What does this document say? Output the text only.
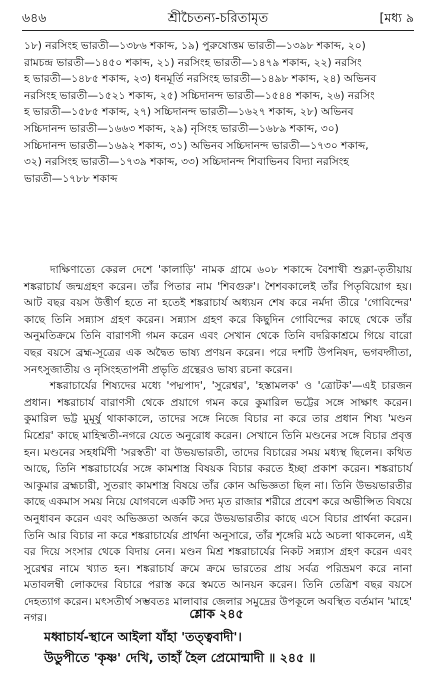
৬৪৬	শ্রীচৈতন্য-চরিতামৃত	[মধ্য ৯
১৮) নরসিংহ ভারতী—১৩৮৬ শকাব্দ, ১৯) পুরুষোত্তম ভারতী—১৩৯৮ শকাব্দ, ২০)
রামচন্দ্র ভারতী—১৪৫০ শকাব্দ, ২১) নরসিংহ ভারতী—১৪৭৯ শকাব্দ, ২২) নরসিং
হ ভারতী—১৪৮৫ শকাব্দ, ২৩) ধনমূর্তি নরসিংহ ভারতী—১৪৯৮ শকাব্দ, ২৪) অভিনব
নরসিংহ ভারতী—১৫২১ শকাব্দ, ২৫) সচ্চিদানন্দ ভারতী—১৫৪৪ শকাব্দ, ২৬) নরসিং
হ ভারতী—১৫৮৫ শকাব্দ, ২৭) সচ্চিদানন্দ ভারতী—১৬২৭ শকাব্দ, ২৮) অভিনব
সচ্চিদানন্দ ভারতী—১৬৬৩ শকাব্দ, ২৯) নৃসিংহ ভারতী—১৬৮৯ শকাব্দ, ৩০)
সচ্চিদানন্দ ভারতী—১৬৯২ শকাব্দ, ৩১) অভিনব সচ্চিদানন্দ ভারতী—১৭৩০ শকাব্দ,
৩২) নরসিংহ ভারতী—১৭৩৯ শকাব্দ, ৩৩) সচ্চিদানন্দ শিবাভিনব বিদ্যা নরসিংহ
ভারতী—১৭৮৮ শকাব্দ

দাক্ষিণাত্যে কেরল দেশে 'কালাড়ি' নামক গ্রামে ৬০৮ শকাব্দে বৈশাখী শুক্লা-তৃতীয়ায় শঙ্করাচার্য জন্মগ্রহণ করেন। তাঁর পিতার নাম 'শিবগুরু'। শৈশবকালেই তাঁর পিতৃবিয়োগ হয়। আট বছর বয়স উত্তীর্ণ হতে না হতেই শঙ্করাচার্য অধ্যয়ন শেষ করে নর্মদা তীরে 'গোবিন্দের' কাছে তিনি সন্ন্যাস গ্রহণ করেন। সন্ন্যাস গ্রহণ করে কিছুদিন গোবিন্দের কাছে থেকে তাঁর অনুমতিক্রমে তিনি বারাণসী গমন করেন এবং সেখান থেকে তিনি বদরিকাশ্রমে গিয়ে বারো বছর বয়সে ব্রহ্ম-সূত্রের এক অদ্বৈত ভাষ্য প্রণয়ন করেন। পরে দশটি উপনিষদ, ভগবদ্গীতা, সনৎসুজাতীয় ও নৃসিংহতাপনী প্রভৃতি গ্রন্থেরও ভাষ্য রচনা করেন।

শঙ্করাচার্যের শিষ্যদের মধ্যে 'পদ্মপাদ', 'সুরেশ্বর', 'হস্তামলক' ও 'ত্রোটক'—এই চারজন প্রধান। শঙ্করাচার্য বারাণসী থেকে প্রয়াগে গমন করে কুমারিল ভট্টের সঙ্গে সাক্ষাৎ করেন। কুমারিল ভট্ট মুমূর্ষু থাকাকালে, তাদের সঙ্গে নিজে বিচার না করে তার প্রধান শিষ্য 'মণ্ডন মিশ্রের' কাছে মাহিষ্মতী-নগরে যেতে অনুরোধ করেন। সেখানে তিনি মণ্ডনের সঙ্গে বিচার প্রবৃত্ত হন। মণ্ডনের সহধর্মিণী 'সরস্বতী' বা উভয়ভারতী, তাদের বিচারের সময় মধ্যস্থ ছিলেন। কথিত আছে, তিনি শঙ্করাচার্যের সঙ্গে কামশাস্ত্র বিষয়ক বিচার করতে ইচ্ছা প্রকাশ করেন। শঙ্করাচার্য আকুমার ব্রহ্মচারী, সুতরাং কামশাস্ত্র বিষয়ে তাঁর কোন অভিজ্ঞতা ছিল না। তিনি উভয়ভারতীর কাছে একমাস সময় নিয়ে যোগবলে একটি সদ্য মৃত রাজার শরীরে প্রবেশ করে অভীপ্সিত বিষয়ে অনুধাবন করেন এবং অভিজ্ঞতা অর্জন করে উভয়ভারতীর কাছে এসে বিচার প্রার্থনা করেন। তিনি আর বিচার না করে শঙ্করাচার্যের প্রার্থনা অনুসারে, তাঁর শৃঙ্গেরি মঠে অচলা থাকলেন, এই বর দিয়ে সংসার থেকে বিদায় নেন। মণ্ডন মিশ্র শঙ্করাচার্যের নিকট সন্ন্যাস গ্রহণ করেন এবং সুরেশ্বর নামে খ্যাত হন। শঙ্করাচার্য ক্রমে ক্রমে ভারতের প্রায় সর্বত্র পরিভ্রমণ করে নানা মতাবলম্বী লোকদের বিচারে পরাস্ত করে স্বমতে আনয়ন করেন। তিনি তেত্রিশ বছর বয়সে দেহত্যাগ করেন। মৎসতীর্থ সম্ভবতঃ মালাবার জেলার সমুদ্রের উপকূলে অবস্থিত বর্তমান 'মাহে' নগর।	শ্লোক ২৪৫
মধ্বাচার্য-স্থানে আইলা যাঁহা 'তত্ত্ববাদী'।
উডুপীতে 'কৃষ্ণ' দেখি, তাহাঁ হৈল প্রেমোন্মাদী ॥ ২৪৫ ॥
